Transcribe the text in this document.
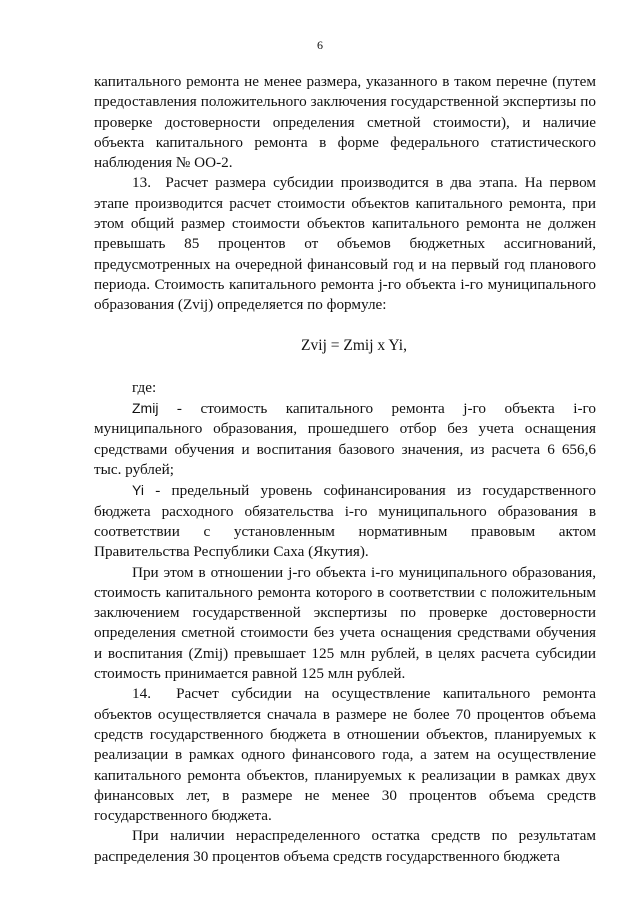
6

капитального ремонта не менее размера, указанного в таком перечне (путем предоставления положительного заключения государственной экспертизы по проверке достоверности определения сметной стоимости), и наличие объекта капитального ремонта в форме федерального статистического наблюдения № ОО-2.

13.  Расчет размера субсидии производится в два этапа. На первом этапе производится расчет стоимости объектов капитального ремонта, при этом общий размер стоимости объектов капитального ремонта не должен превышать 85 процентов от объемов бюджетных ассигнований, предусмотренных на очередной финансовый год и на первый год планового периода. Стоимость капитального ремонта j-го объекта i-го муниципального образования (Zvij) определяется по формуле:

Zvij = Zmij x Yi,

где:

Zmij - стоимость капитального ремонта j-го объекта i-го муниципального образования, прошедшего отбор без учета оснащения средствами обучения и воспитания базового значения, из расчета 6 656,6 тыс. рублей;

Yi - предельный уровень софинансирования из государственного бюджета расходного обязательства i-го муниципального образования в соответствии с установленным нормативным правовым актом Правительства Республики Саха (Якутия).

При этом в отношении j-го объекта i-го муниципального образования, стоимость капитального ремонта которого в соответствии с положительным заключением государственной экспертизы по проверке достоверности определения сметной стоимости без учета оснащения средствами обучения и воспитания (Zmij) превышает 125 млн рублей, в целях расчета субсидии стоимость принимается равной 125 млн рублей.

14.  Расчет субсидии на осуществление капитального ремонта объектов осуществляется сначала в размере не более 70 процентов объема средств государственного бюджета в отношении объектов, планируемых к реализации в рамках одного финансового года, а затем на осуществление капитального ремонта объектов, планируемых к реализации в рамках двух финансовых лет, в размере не менее 30 процентов объема средств государственного бюджета.

При наличии нераспределенного остатка средств по результатам распределения 30 процентов объема средств государственного бюджета
